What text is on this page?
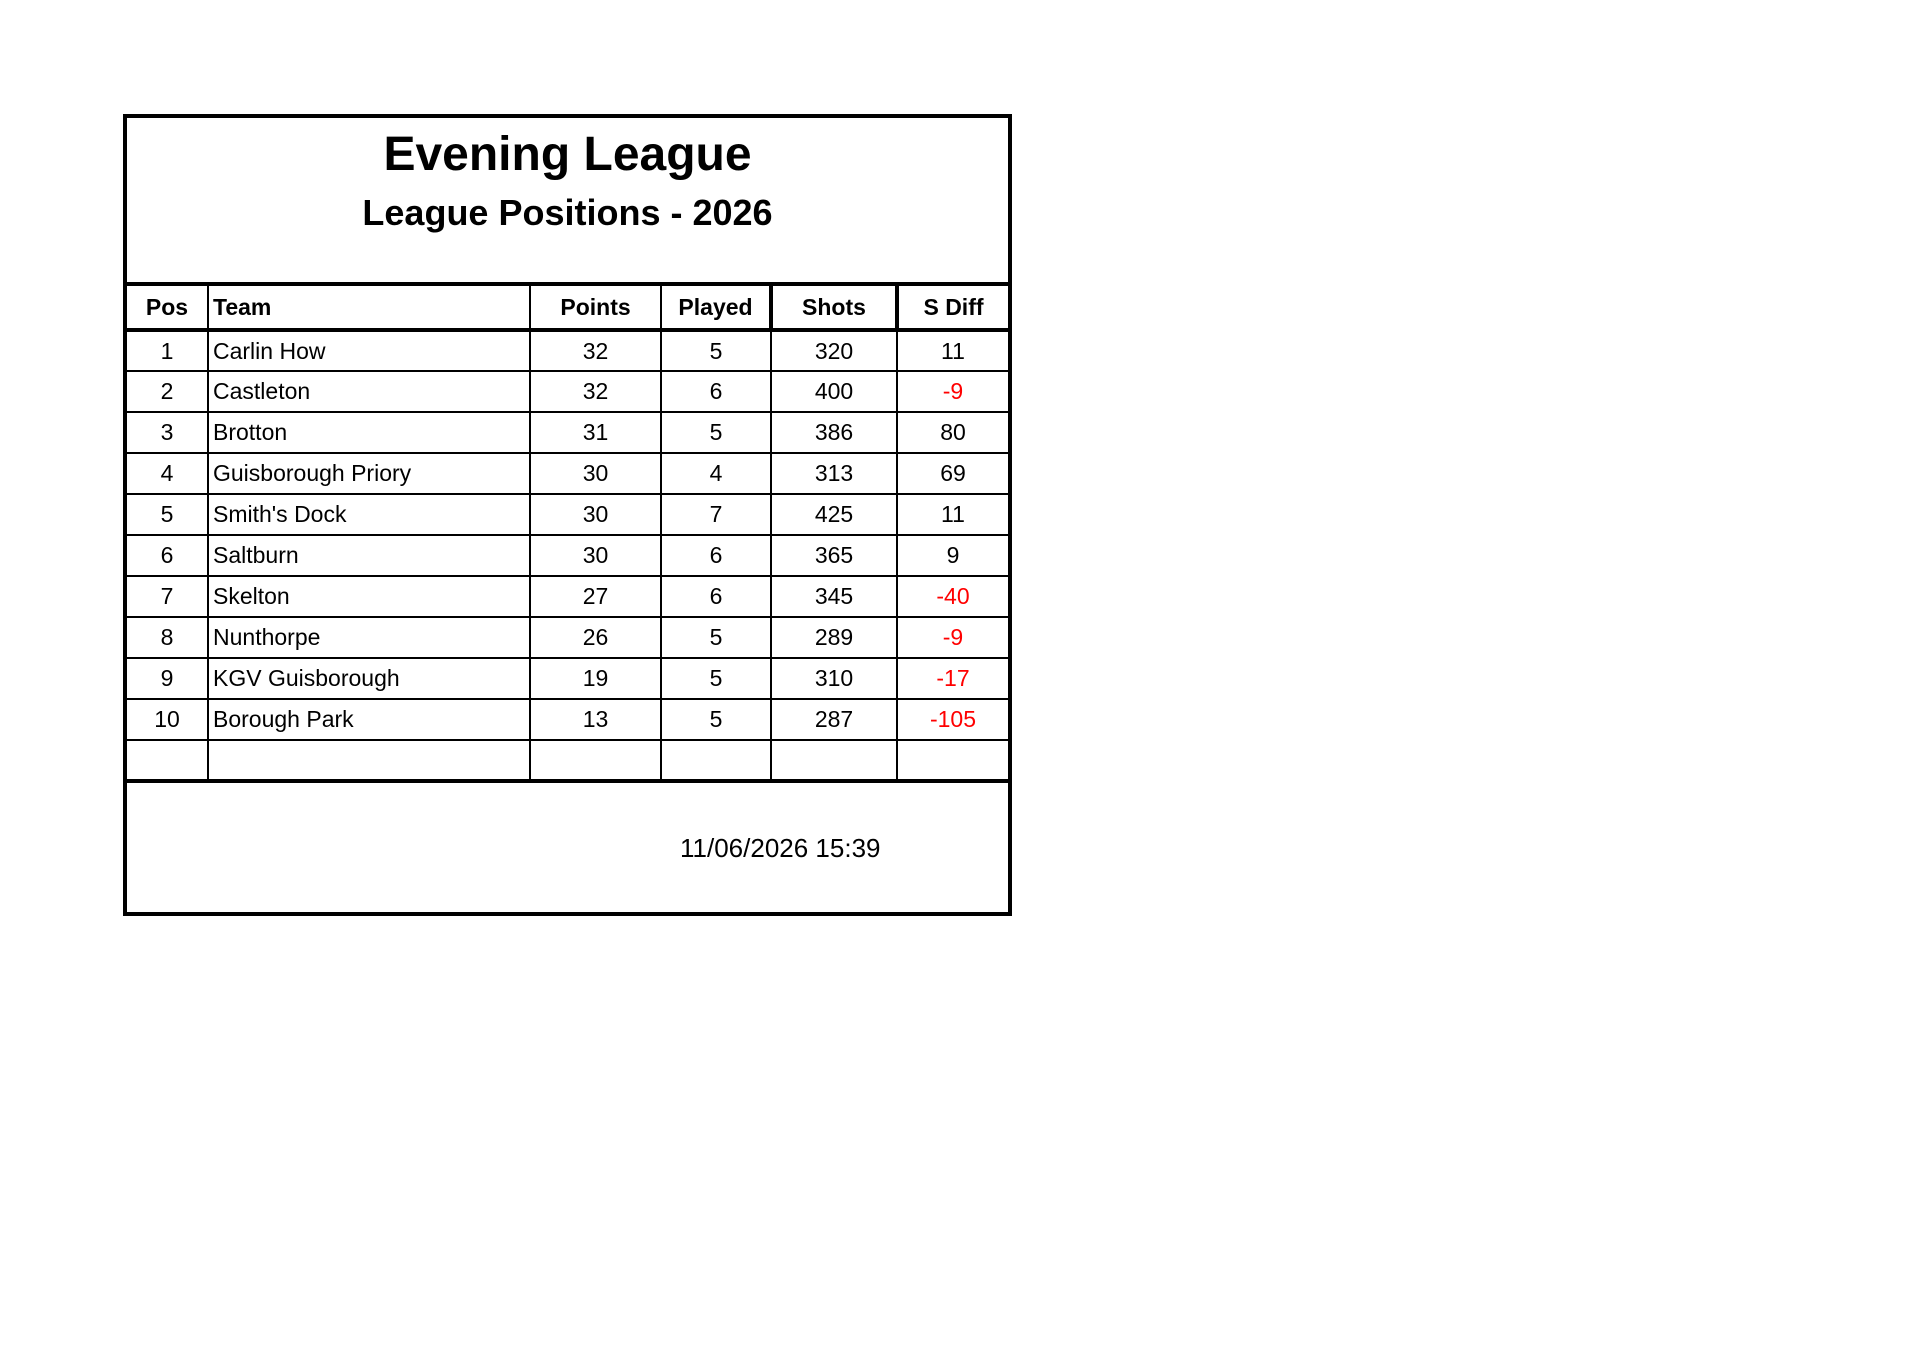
Evening League
League Positions - 2026
Pos	Team	Points	Played	Shots	S Diff
1	Carlin How	32	5	320	11
2	Castleton	32	6	400	-9
3	Brotton	31	5	386	80
4	Guisborough Priory	30	4	313	69
5	Smith's Dock	30	7	425	11
6	Saltburn	30	6	365	9
7	Skelton	27	6	345	-40
8	Nunthorpe	26	5	289	-9
9	KGV Guisborough	19	5	310	-17
10	Borough Park	13	5	287	-105

11/06/2026 15:39
